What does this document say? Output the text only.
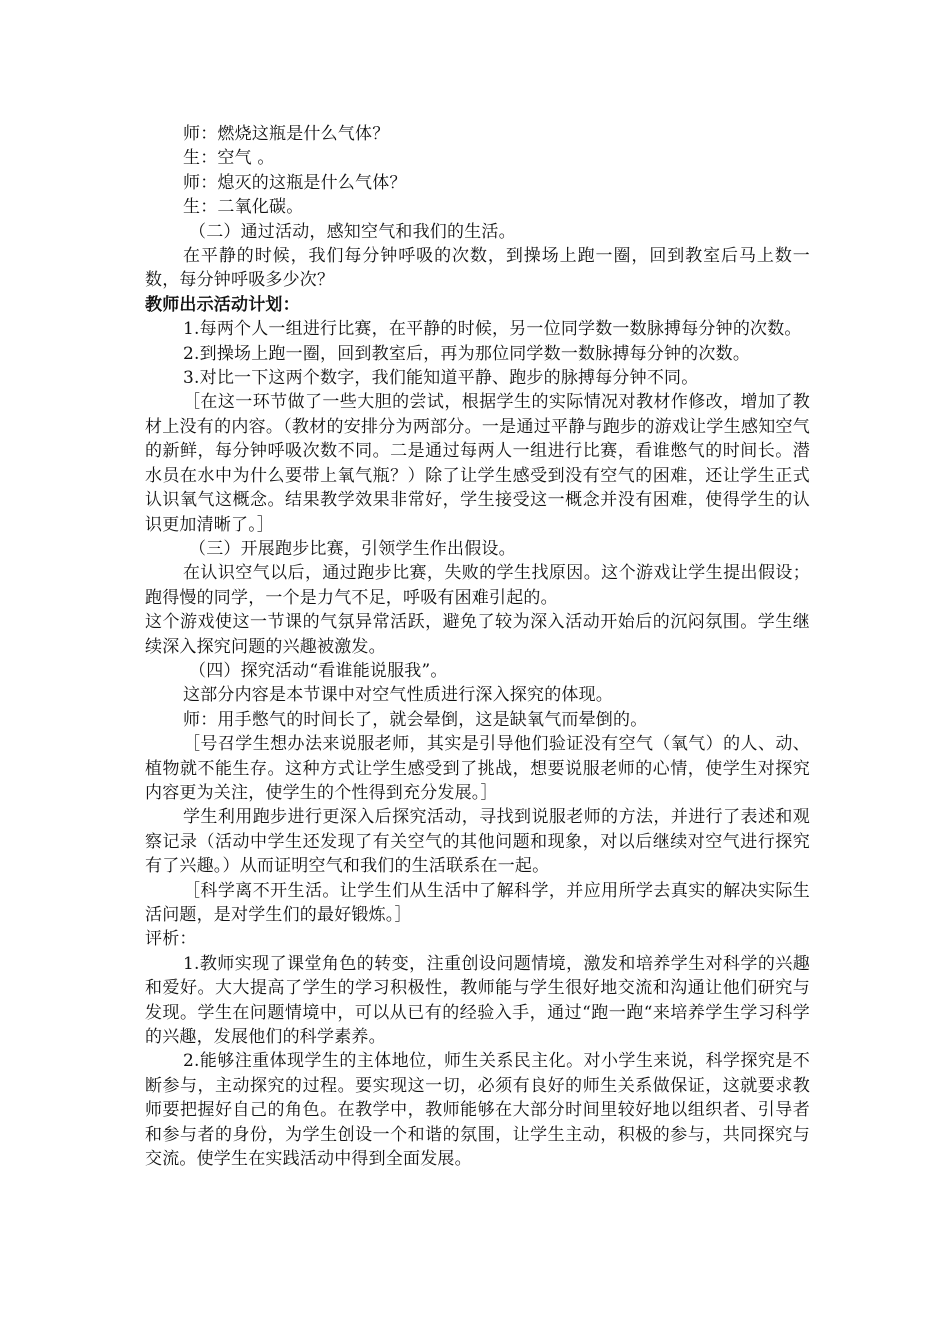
师：燃烧这瓶是什么气体？

生：空气 。

师：熄灭的这瓶是什么气体？

生：二氧化碳。

（二）通过活动，感知空气和我们的生活。

在平静的时候，我们每分钟呼吸的次数，到操场上跑一圈，回到教室后马上数一数，每分钟呼吸多少次？

教师出示活动计划：

1.每两个人一组进行比赛，在平静的时候，另一位同学数一数脉搏每分钟的次数。

2.到操场上跑一圈，回到教室后，再为那位同学数一数脉搏每分钟的次数。

3.对比一下这两个数字，我们能知道平静、跑步的脉搏每分钟不同。

［在这一环节做了一些大胆的尝试，根据学生的实际情况对教材作修改，增加了教材上没有的内容。（教材的安排分为两部分。一是通过平静与跑步的游戏让学生感知空气的新鲜，每分钟呼吸次数不同。二是通过每两人一组进行比赛，看谁憋气的时间长。潜水员在水中为什么要带上氧气瓶？）除了让学生感受到没有空气的困难，还让学生正式认识氧气这概念。结果教学效果非常好，学生接受这一概念并没有困难，使得学生的认识更加清晰了。］

（三）开展跑步比赛，引领学生作出假设。

在认识空气以后，通过跑步比赛，失败的学生找原因。这个游戏让学生提出假设；跑得慢的同学，一个是力气不足，呼吸有困难引起的。

这个游戏使这一节课的气氛异常活跃，避免了较为深入活动开始后的沉闷氛围。学生继续深入探究问题的兴趣被激发。

（四）探究活动“看谁能说服我”。

这部分内容是本节课中对空气性质进行深入探究的体现。

师：用手憋气的时间长了，就会晕倒，这是缺氧气而晕倒的。

［号召学生想办法来说服老师，其实是引导他们验证没有空气（氧气）的人、动、植物就不能生存。这种方式让学生感受到了挑战，想要说服老师的心情，使学生对探究内容更为关注，使学生的个性得到充分发展。］

学生利用跑步进行更深入后探究活动，寻找到说服老师的方法，并进行了表述和观察记录（活动中学生还发现了有关空气的其他问题和现象，对以后继续对空气进行探究有了兴趣。）从而证明空气和我们的生活联系在一起。

［科学离不开生活。让学生们从生活中了解科学，并应用所学去真实的解决实际生活问题，是对学生们的最好锻炼。］

评析：

1.教师实现了课堂角色的转变，注重创设问题情境，激发和培养学生对科学的兴趣和爱好。大大提高了学生的学习积极性，教师能与学生很好地交流和沟通让他们研究与发现。学生在问题情境中，可以从已有的经验入手，通过“跑一跑“来培养学生学习科学的兴趣，发展他们的科学素养。

2.能够注重体现学生的主体地位，师生关系民主化。对小学生来说，科学探究是不断参与，主动探究的过程。要实现这一切，必须有良好的师生关系做保证，这就要求教师要把握好自己的角色。在教学中，教师能够在大部分时间里较好地以组织者、引导者和参与者的身份，为学生创设一个和谐的氛围，让学生主动，积极的参与，共同探究与交流。使学生在实践活动中得到全面发展。
